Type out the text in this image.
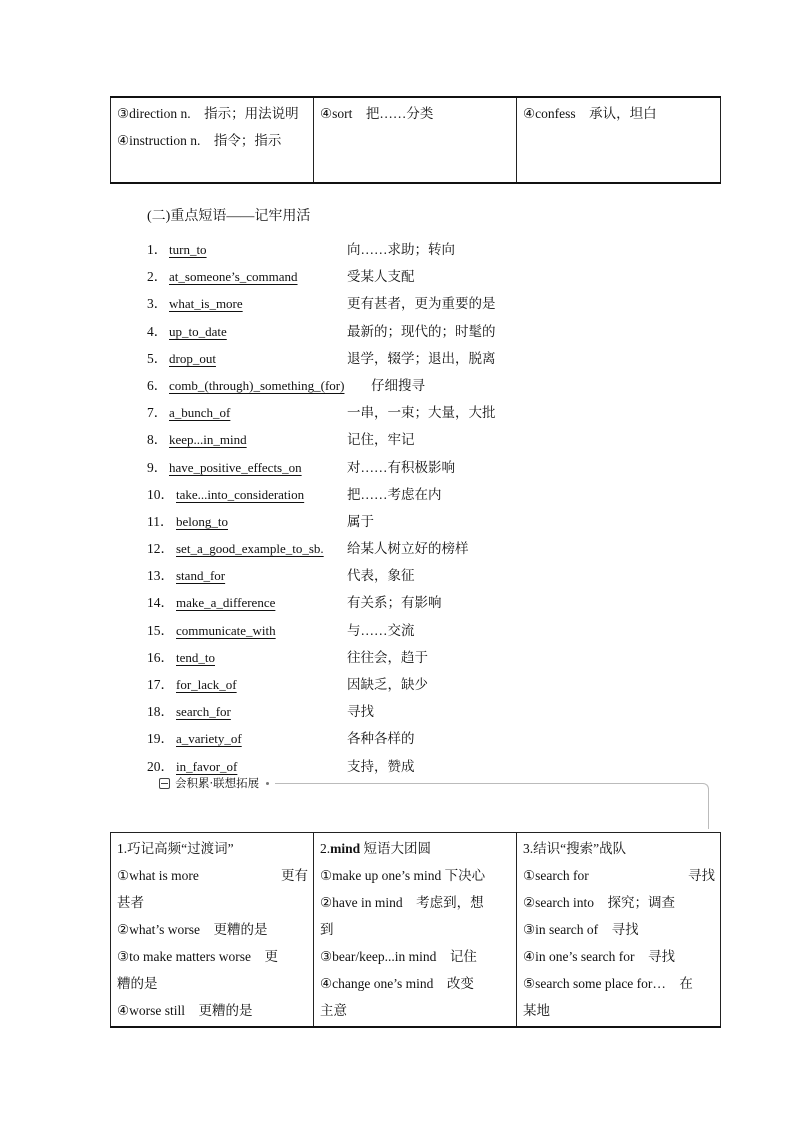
③direction n.　指示；用法说明
④instruction n.　指令；指示

④sort　把……分类	④confess　承认，坦白
(二)重点短语——记牢用活
1． turn_to	向……求助；转向
2． at_someone’s_command	受某人支配
3． what_is_more	更有甚者，更为重要的是
4． up_to_date	最新的；现代的；时髦的
5． drop_out	退学，辍学；退出，脱离
6． comb_(through)_something_(for) 仔细搜寻
7． a_bunch_of	一串，一束；大量，大批
8． keep...in_mind	记住，牢记
9． have_positive_effects_on	对……有积极影响
10． take...into_consideration	把……考虑在内
11． belong_to	属于
12． set_a_good_example_to_sb. 给某人树立好的榜样
13． stand_for	代表，象征
14． make_a_difference	有关系；有影响
15． communicate_with	与……交流
16． tend_to	往往会，趋于
17． for_lack_of	因缺乏，缺少
18． search_for	寻找
19． a_variety_of	各种各样的
20． in_favor_of	支持，赞成
会积累·联想拓展
1.巧记高频“过渡词”
①what is more	更有
甚者
②what’s worse　更糟的是
③to make matters worse　更
糟的是
④worse still　更糟的是

2.mind 短语大团圆
①make up one’s mind 下决心
②have in mind　考虑到，想
到
③bear/keep...in mind　记住
④change one’s mind　改变
主意

3.结识“搜索”战队
①search for	寻找
②search into　探究；调查
③in search of　寻找
④in one’s search for　寻找
⑤search some place for…　在
某地
